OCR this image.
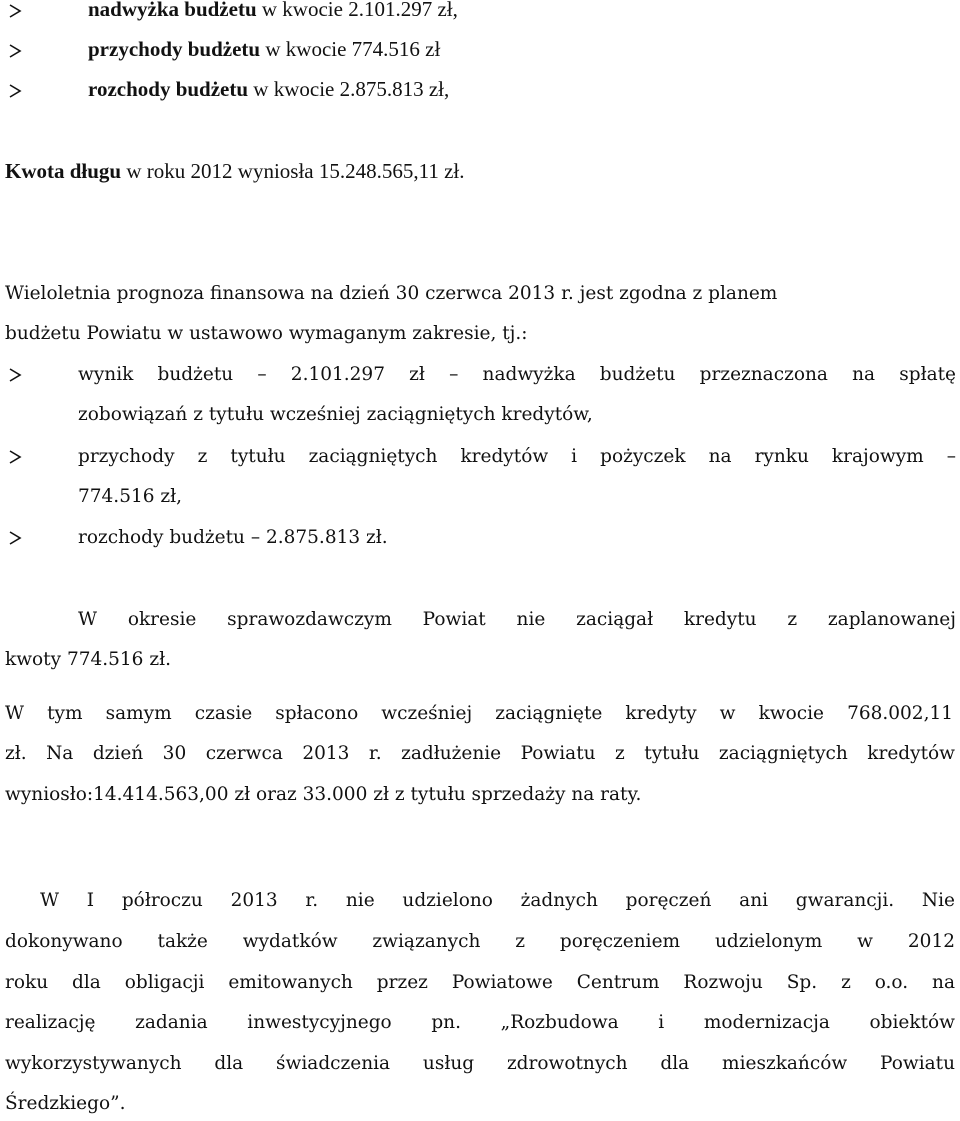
nadwyżka budżetu w kwocie 2.101.297 zł,
przychody budżetu w kwocie 774.516 zł
rozchody budżetu w kwocie 2.875.813 zł,
Kwota długu w roku 2012 wyniosła 15.248.565,11 zł.
Wieloletnia prognoza finansowa na dzień 30 czerwca 2013 r. jest zgodna z planem
budżetu Powiatu w ustawowo wymaganym zakresie, tj.:
wynik budżetu – 2.101.297 zł – nadwyżka budżetu przeznaczona na spłatę
zobowiązań z tytułu wcześniej zaciągniętych kredytów,
przychody z tytułu zaciągniętych kredytów i pożyczek na rynku krajowym –
774.516 zł,
rozchody budżetu – 2.875.813 zł.
W okresie sprawozdawczym Powiat nie zaciągał kredytu z zaplanowanej
kwoty 774.516 zł.
W tym samym czasie spłacono wcześniej zaciągnięte kredyty w kwocie 768.002,11
zł. Na dzień 30 czerwca 2013 r. zadłużenie Powiatu z tytułu zaciągniętych kredytów
wyniosło:14.414.563,00 zł oraz 33.000 zł z tytułu sprzedaży na raty.
W I półroczu 2013 r. nie udzielono żadnych poręczeń ani gwarancji. Nie
dokonywano także wydatków związanych z poręczeniem udzielonym w 2012
roku dla obligacji emitowanych przez Powiatowe Centrum Rozwoju Sp. z o.o. na
realizację zadania inwestycyjnego pn. „Rozbudowa i modernizacja obiektów
wykorzystywanych dla świadczenia usług zdrowotnych dla mieszkańców Powiatu
Średzkiego”.
